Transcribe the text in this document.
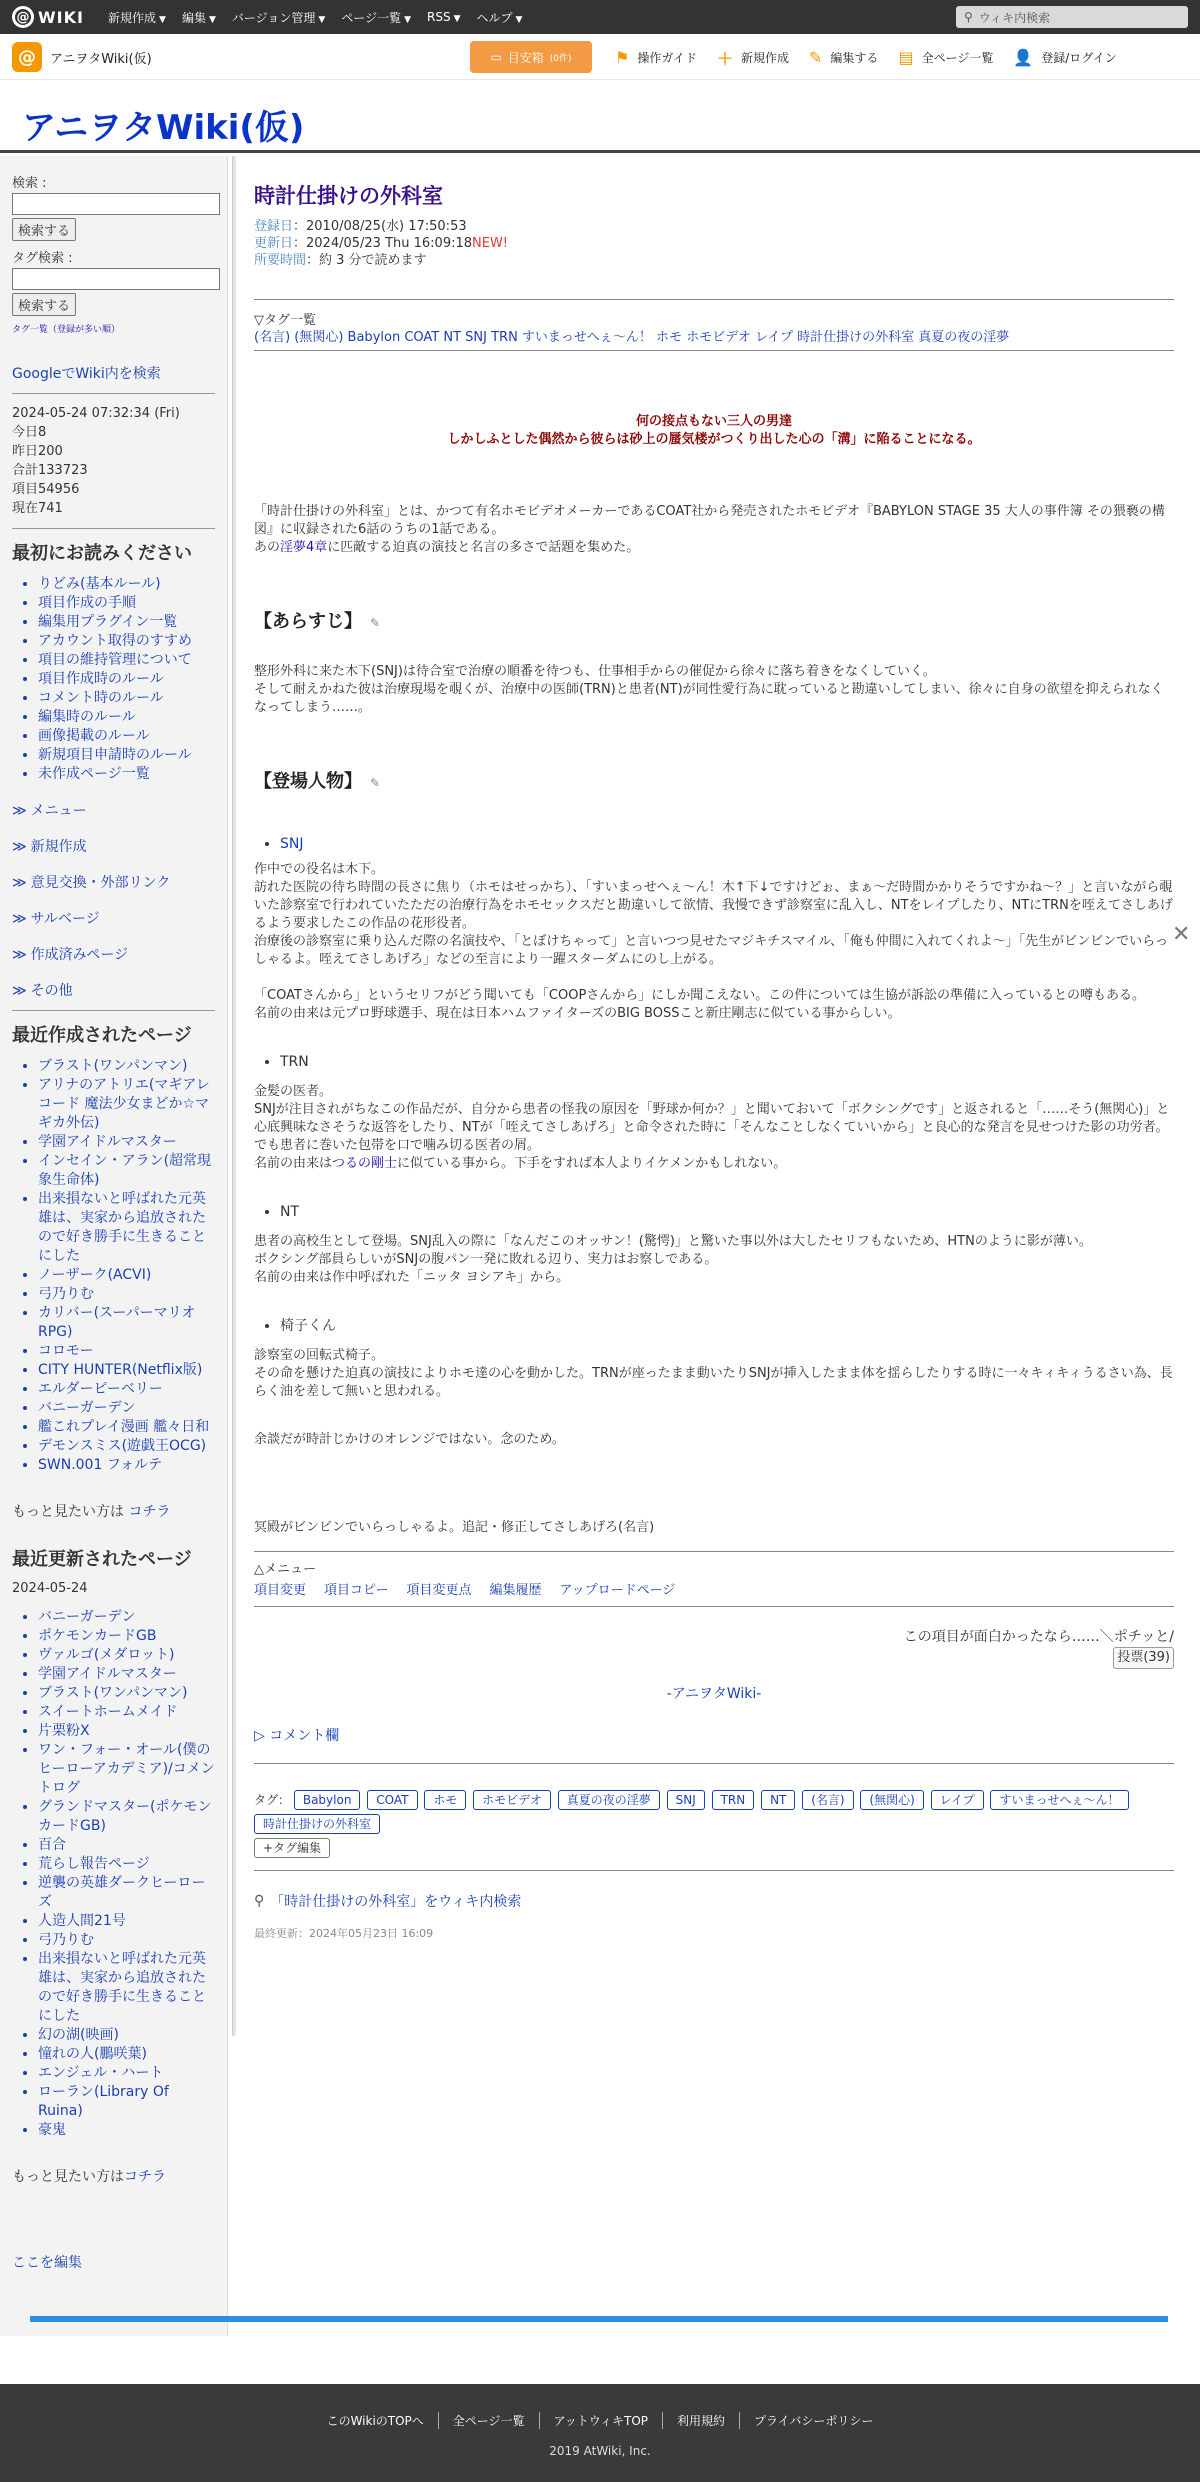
@ WIKI 新規作成 ▼ 編集 ▼ バージョン管理 ▼ ページ一覧 ▼ RSS ▼ ヘルプ ▼	⚲ ウィキ内検索
@	アニヲタWiki(仮)	▭ 目安箱 (0件)	⚑ 操作ガイド ＋ 新規作成 ✎ 編集する ▤ 全ページ一覧 👤 登録/ログイン
アニヲタWiki(仮)
検索 :
検索する
タグ検索 :
検索する
タグ一覧（登録が多い順）
GoogleでWiki内を検索
2024-05-24 07:32:34 (Fri)
今日8
昨日200
合計133723
項目54956
現在741
最初にお読みください
• りどみ(基本ルール)
• 項目作成の手順
• 編集用プラグイン一覧
• アカウント取得のすすめ
• 項目の維持管理について
• 項目作成時のルール
• コメント時のルール
• 編集時のルール
• 画像掲載のルール
• 新規項目申請時のルール
• 未作成ページ一覧
≫ メニュー
≫ 新規作成
≫ 意見交換・外部リンク
≫ サルベージ
≫ 作成済みページ
≫ その他
最近作成されたページ
• ブラスト(ワンパンマン)
• アリナのアトリエ(マギアレコード 魔法少女まどか☆マギカ外伝)
• 学園アイドルマスター
• インセイン・アラン(超常現象生命体)
• 出来損ないと呼ばれた元英雄は、実家から追放されたので好き勝手に生きることにした
• ノーザーク(ACVI)
• 弓乃りむ
• カリバー(スーパーマリオRPG)
• コロモー
• CITY HUNTER(Netflix版)
• エルダーピーベリー
• バニーガーデン
• 艦これプレイ漫画 艦々日和
• デモンスミス(遊戯王OCG)
• SWN.001 フォルテ
もっと見たい方は コチラ
最近更新されたページ
2024-05-24
• バニーガーデン
• ポケモンカードGB
• ヴァルゴ(メダロット)
• 学園アイドルマスター
• ブラスト(ワンパンマン)
• スイートホームメイド
• 片栗粉X
• ワン・フォー・オール(僕のヒーローアカデミア)/コメントログ
• グランドマスター(ポケモンカードGB)
• 百合
• 荒らし報告ページ
• 逆襲の英雄ダークヒーローズ
• 人造人間21号
• 弓乃りむ
• 出来損ないと呼ばれた元英雄は、実家から追放されたので好き勝手に生きることにした
• 幻の湖(映画)
• 憧れの人(鵬咲葉)
• エンジェル・ハート
• ローラン(Library Of Ruina)
• 豪鬼
もっと見たい方はコチラ
時計仕掛けの外科室
登録日：2010/08/25(水) 17:50:53
更新日：2024/05/23 Thu 16:09:18NEW!
所要時間：約 3 分で読めます
▽タグ一覧
(名言) (無関心) Babylon COAT NT SNJ TRN すいまっせへぇ～ん！ ホモ ホモビデオ レイプ 時計仕掛けの外科室 真夏の夜の淫夢
何の接点もない三人の男達
しかしふとした偶然から彼らは砂上の蜃気楼がつくり出した心の「溝」に陥ることになる。

「時計仕掛けの外科室」とは、かつて有名ホモビデオメーカーであるCOAT社から発売されたホモビデオ『BABYLON STAGE 35 大人の事件簿 その猥褻の構図』に収録された6話のうちの1話である。
あの淫夢4章に匹敵する迫真の演技と名言の多さで話題を集めた。

【あらすじ】 ✎

整形外科に来た木下(SNJ)は待合室で治療の順番を待つも、仕事相手からの催促から徐々に落ち着きをなくしていく。

そして耐えかねた彼は治療現場を覗くが、治療中の医師(TRN)と患者(NT)が同性愛行為に耽っていると勘違いしてしまい、徐々に自身の欲望を抑えられなくなってしまう……。

【登場人物】 ✎
• SNJ

作中での役名は木下。

訪れた医院の待ち時間の長さに焦り（ホモはせっかち）、「すいまっせへぇ～ん！木↑下↓ですけどぉ、まぁ～だ時間かかりそうですかね～？」と言いながら覗いた診察室で行われていたただの治療行為をホモセックスだと勘違いして欲情、我慢できず診察室に乱入し、NTをレイプしたり、NTにTRNを咥えてさしあげるよう要求したこの作品の花形役者。

治療後の診察室に乗り込んだ際の名演技や、「とぼけちゃって」と言いつつ見せたマジキチスマイル、「俺も仲間に入れてくれよ～」「先生がビンビンでいらっしゃるよ。咥えてさしあげろ」などの至言により一躍スターダムにのし上がる。

「COATさんから」というセリフがどう聞いても「COOPさんから」にしか聞こえない。この件については生協が訴訟の準備に入っているとの噂もある。

名前の由来は元プロ野球選手、現在は日本ハムファイターズのBIG BOSSこと新庄剛志に似ている事からしい。

• TRN

金髪の医者。

SNJが注目されがちなこの作品だが、自分から患者の怪我の原因を「野球か何か？」と聞いておいて「ボクシングです」と返されると「……そう(無関心)」と心底興味なさそうな返答をしたり、NTが「咥えてさしあげろ」と命令された時に「そんなことしなくていいから」と良心的な発言を見せつけた影の功労者。でも患者に巻いた包帯を口で噛み切る医者の屑。

名前の由来はつるの剛士に似ている事から。下手をすれば本人よりイケメンかもしれない。

• NT

患者の高校生として登場。SNJ乱入の際に「なんだこのオッサン！(驚愕)」と驚いた事以外は大したセリフもないため、HTNのように影が薄い。

ボクシング部員らしいがSNJの腹パン一発に敗れる辺り、実力はお察しである。

名前の由来は作中呼ばれた「ニッタ ヨシアキ」から。

• 椅子くん

診察室の回転式椅子。

その命を懸けた迫真の演技によりホモ達の心を動かした。TRNが座ったまま動いたりSNJが挿入したまま体を揺らしたりする時に一々キィキィうるさい為、長らく油を差して無いと思われる。

余談だが時計じかけのオレンジではない。念のため。

冥殿がビンビンでいらっしゃるよ。追記・修正してさしあげろ(名言)

△メニュー
項目変更 項目コピー 項目変更点 編集履歴 アップロードページ
この項目が面白かったなら……＼ポチッと/
投票(39)
-アニヲタWiki-
▷ コメント欄
タグ： Babylon COAT ホモ ホモビデオ 真夏の夜の淫夢 SNJ TRN NT (名言) (無関心) レイプ すいまっせへぇ～ん！
時計仕掛けの外科室
+タグ編集
⚲ 「時計仕掛けの外科室」をウィキ内検索
最終更新：2024年05月23日 16:09
✕
ここを編集
このWikiのTOPへ	全ページ一覧	アットウィキTOP	利用規約	プライバシーポリシー
2019 AtWiki, Inc.
